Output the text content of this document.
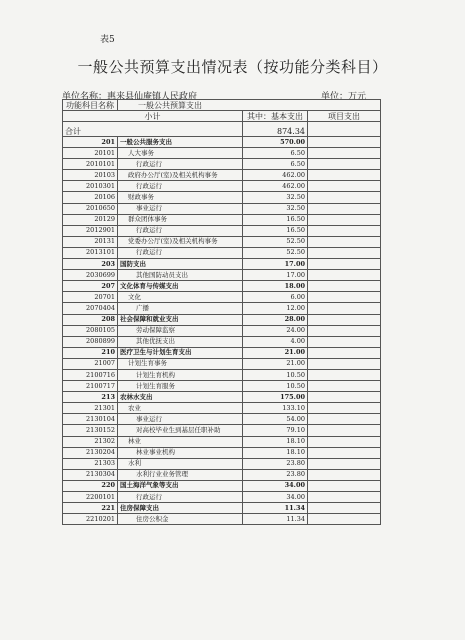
表5
一般公共预算支出情况表（按功能分类科目）
单位名称：惠来县仙庵镇人民政府	单位：万元
功能科目名称	一般公共预算支出		
小计		其中：基本支出	项目支出
合计		874.34	
201	一般公共服务支出	570.00	
20101	人大事务	6.50	
2010101	行政运行	6.50	
20103	政府办公厅(室)及相关机构事务	462.00	
2010301	行政运行	462.00	
20106	财政事务	32.50	
2010650	事业运行	32.50	
20129	群众团体事务	16.50	
2012901	行政运行	16.50	
20131	党委办公厅(室)及相关机构事务	52.50	
2013101	行政运行	52.50	
203	国防支出	17.00	
2030699	其他国防动员支出	17.00	
207	文化体育与传媒支出	18.00	
20701	文化	6.00	
2070404	广播	12.00	
208	社会保障和就业支出	28.00	
2080105	劳动保障监察	24.00	
2080899	其他优抚支出	4.00	
210	医疗卫生与计划生育支出	21.00	
21007	计划生育事务	21.00	
2100716	计划生育机构	10.50	
2100717	计划生育服务	10.50	
213	农林水支出	175.00	
21301	农业	133.10	
2130104	事业运行	54.00	
2130152	对高校毕业生到基层任职补助	79.10	
21302	林业	18.10	
2130204	林业事业机构	18.10	
21303	水利	23.80	
2130304	水利行业业务管理	23.80	
220	国土海洋气象等支出	34.00	
2200101	行政运行	34.00	
221	住房保障支出	11.34	
2210201	住房公积金	11.34	
